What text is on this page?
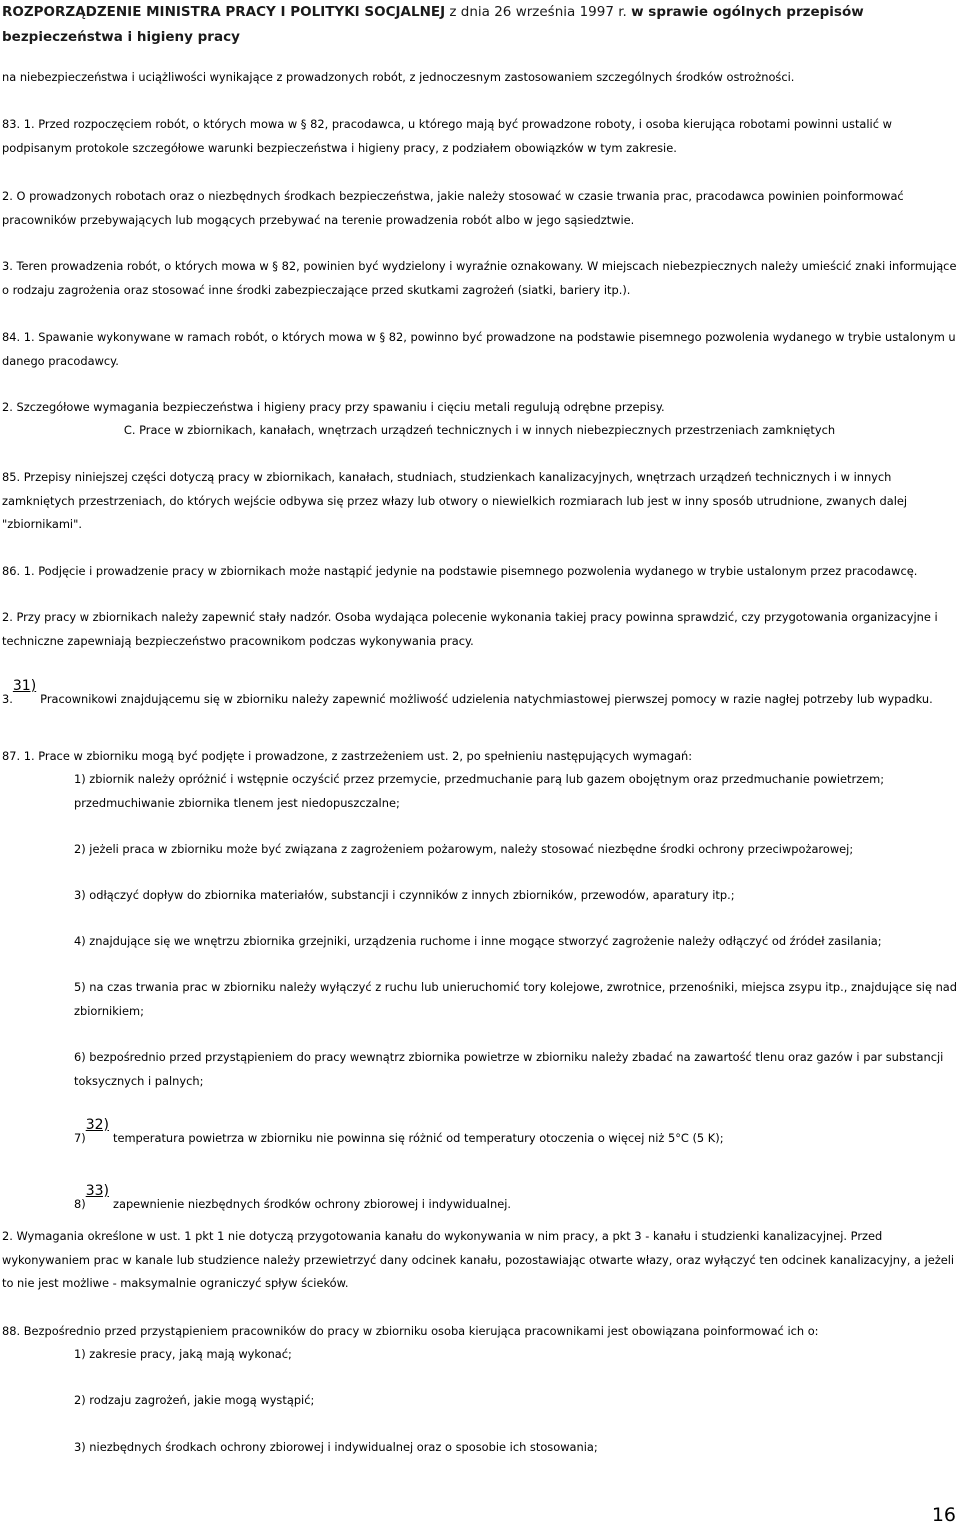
ROZPORZĄDZENIE MINISTRA PRACY I POLITYKI SOCJALNEJ z dnia 26 września 1997 r. w sprawie ogólnych przepisów bezpieczeństwa i higieny pracy

na niebezpieczeństwa i uciążliwości wynikające z prowadzonych robót, z jednoczesnym zastosowaniem szczególnych środków ostrożności.

83. 1. Przed rozpoczęciem robót, o których mowa w § 82, pracodawca, u którego mają być prowadzone roboty, i osoba kierująca robotami powinni ustalić w podpisanym protokole szczegółowe warunki bezpieczeństwa i higieny pracy, z podziałem obowiązków w tym zakresie.

2. O prowadzonych robotach oraz o niezbędnych środkach bezpieczeństwa, jakie należy stosować w czasie trwania prac, pracodawca powinien poinformować pracowników przebywających lub mogących przebywać na terenie prowadzenia robót albo w jego sąsiedztwie.

3. Teren prowadzenia robót, o których mowa w § 82, powinien być wydzielony i wyraźnie oznakowany. W miejscach niebezpiecznych należy umieścić znaki informujące o rodzaju zagrożenia oraz stosować inne środki zabezpieczające przed skutkami zagrożeń (siatki, bariery itp.).

84. 1. Spawanie wykonywane w ramach robót, o których mowa w § 82, powinno być prowadzone na podstawie pisemnego pozwolenia wydanego w trybie ustalonym u danego pracodawcy.

2. Szczegółowe wymagania bezpieczeństwa i higieny pracy przy spawaniu i cięciu metali regulują odrębne przepisy.

C. Prace w zbiornikach, kanałach, wnętrzach urządzeń technicznych i w innych niebezpiecznych przestrzeniach zamkniętych

85. Przepisy niniejszej części dotyczą pracy w zbiornikach, kanałach, studniach, studzienkach kanalizacyjnych, wnętrzach urządzeń technicznych i w innych zamkniętych przestrzeniach, do których wejście odbywa się przez włazy lub otwory o niewielkich rozmiarach lub jest w inny sposób utrudnione, zwanych dalej "zbiornikami".

86. 1. Podjęcie i prowadzenie pracy w zbiornikach może nastąpić jedynie na podstawie pisemnego pozwolenia wydanego w trybie ustalonym przez pracodawcę.

2. Przy pracy w zbiornikach należy zapewnić stały nadzór. Osoba wydająca polecenie wykonania takiej pracy powinna sprawdzić, czy przygotowania organizacyjne i techniczne zapewniają bezpieczeństwo pracownikom podczas wykonywania pracy.

3.31)Pracownikowi znajdującemu się w zbiorniku należy zapewnić możliwość udzielenia natychmiastowej pierwszej pomocy w razie nagłej potrzeby lub wypadku.

87. 1. Prace w zbiorniku mogą być podjęte i prowadzone, z zastrzeżeniem ust. 2, po spełnieniu następujących wymagań:

1) zbiornik należy opróżnić i wstępnie oczyścić przez przemycie, przedmuchanie parą lub gazem obojętnym oraz przedmuchanie powietrzem; przedmuchiwanie zbiornika tlenem jest niedopuszczalne;

2) jeżeli praca w zbiorniku może być związana z zagrożeniem pożarowym, należy stosować niezbędne środki ochrony przeciwpożarowej;

3) odłączyć dopływ do zbiornika materiałów, substancji i czynników z innych zbiorników, przewodów, aparatury itp.;

4) znajdujące się we wnętrzu zbiornika grzejniki, urządzenia ruchome i inne mogące stworzyć zagrożenie należy odłączyć od źródeł zasilania;

5) na czas trwania prac w zbiorniku należy wyłączyć z ruchu lub unieruchomić tory kolejowe, zwrotnice, przenośniki, miejsca zsypu itp., znajdujące się nad zbiornikiem;

6) bezpośrednio przed przystąpieniem do pracy wewnątrz zbiornika powietrze w zbiorniku należy zbadać na zawartość tlenu oraz gazów i par substancji toksycznych i palnych;

7)32)temperatura powietrza w zbiorniku nie powinna się różnić od temperatury otoczenia o więcej niż 5°C (5 K);

8)33)zapewnienie niezbędnych środków ochrony zbiorowej i indywidualnej.

2. Wymagania określone w ust. 1 pkt 1 nie dotyczą przygotowania kanału do wykonywania w nim pracy, a pkt 3 - kanału i studzienki kanalizacyjnej. Przed wykonywaniem prac w kanale lub studzience należy przewietrzyć dany odcinek kanału, pozostawiając otwarte włazy, oraz wyłączyć ten odcinek kanalizacyjny, a jeżeli to nie jest możliwe - maksymalnie ograniczyć spływ ścieków.

88. Bezpośrednio przed przystąpieniem pracowników do pracy w zbiorniku osoba kierująca pracownikami jest obowiązana poinformować ich o:

1) zakresie pracy, jaką mają wykonać;

2) rodzaju zagrożeń, jakie mogą wystąpić;

3) niezbędnych środkach ochrony zbiorowej i indywidualnej oraz o sposobie ich stosowania;

16
